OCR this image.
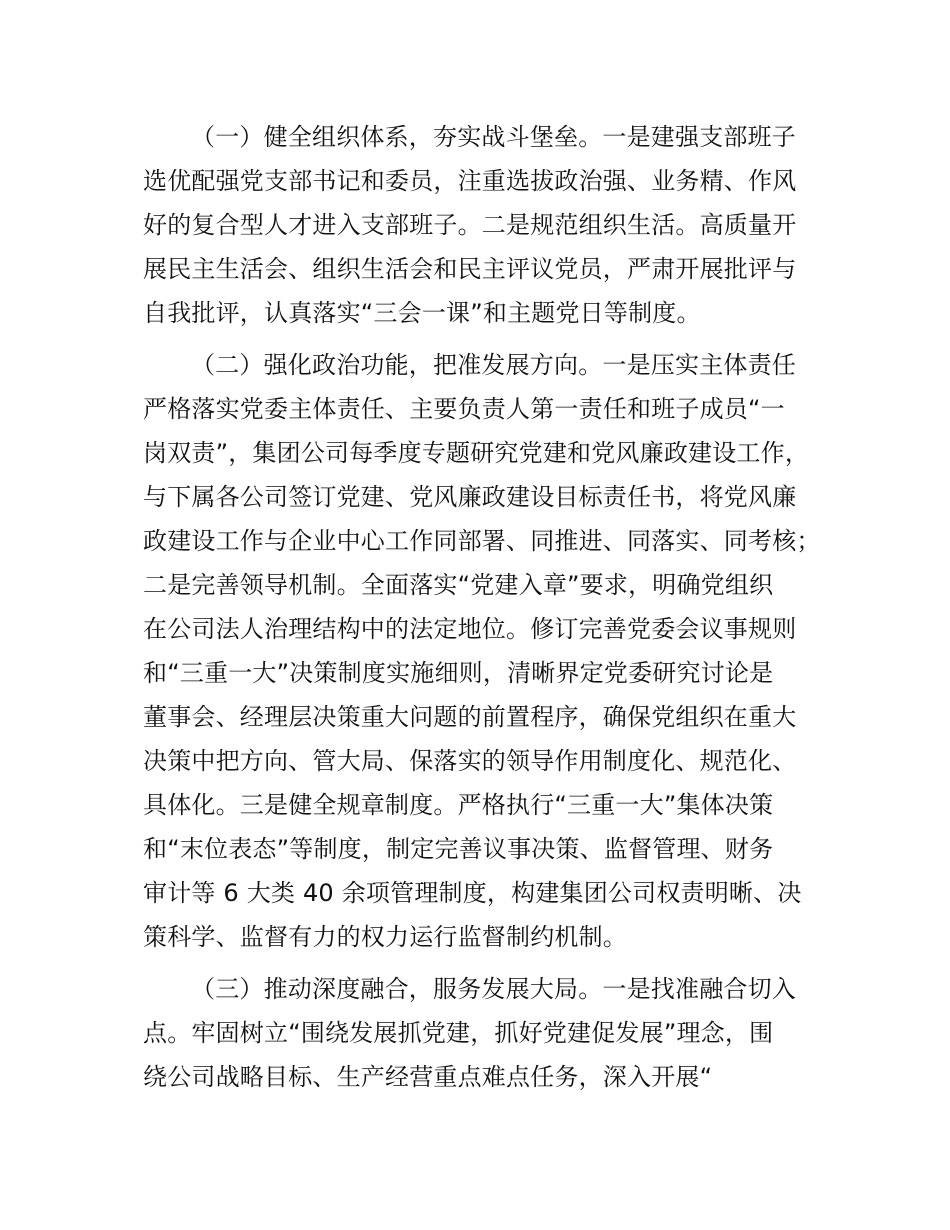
（一）健全组织体系，夯实战斗堡垒。一是建强支部班子
选优配强党支部书记和委员，注重选拔政治强、业务精、作风
好的复合型人才进入支部班子。二是规范组织生活。高质量开
展民主生活会、组织生活会和民主评议党员，严肃开展批评与
自我批评，认真落实“三会一课”和主题党日等制度。
（二）强化政治功能，把准发展方向。一是压实主体责任
严格落实党委主体责任、主要负责人第一责任和班子成员“一
岗双责”，集团公司每季度专题研究党建和党风廉政建设工作，
与下属各公司签订党建、党风廉政建设目标责任书，将党风廉
政建设工作与企业中心工作同部署、同推进、同落实、同考核；
二是完善领导机制。全面落实“党建入章”要求，明确党组织
在公司法人治理结构中的法定地位。修订完善党委会议事规则
和“三重一大”决策制度实施细则，清晰界定党委研究讨论是
董事会、经理层决策重大问题的前置程序，确保党组织在重大
决策中把方向、管大局、保落实的领导作用制度化、规范化、
具体化。三是健全规章制度。严格执行“三重一大”集体决策
和“末位表态”等制度，制定完善议事决策、监督管理、财务
审计等 6 大类 40 余项管理制度，构建集团公司权责明晰、决
策科学、监督有力的权力运行监督制约机制。
（三）推动深度融合，服务发展大局。一是找准融合切入
点。牢固树立“围绕发展抓党建，抓好党建促发展”理念，围
绕公司战略目标、生产经营重点难点任务，深入开展“
